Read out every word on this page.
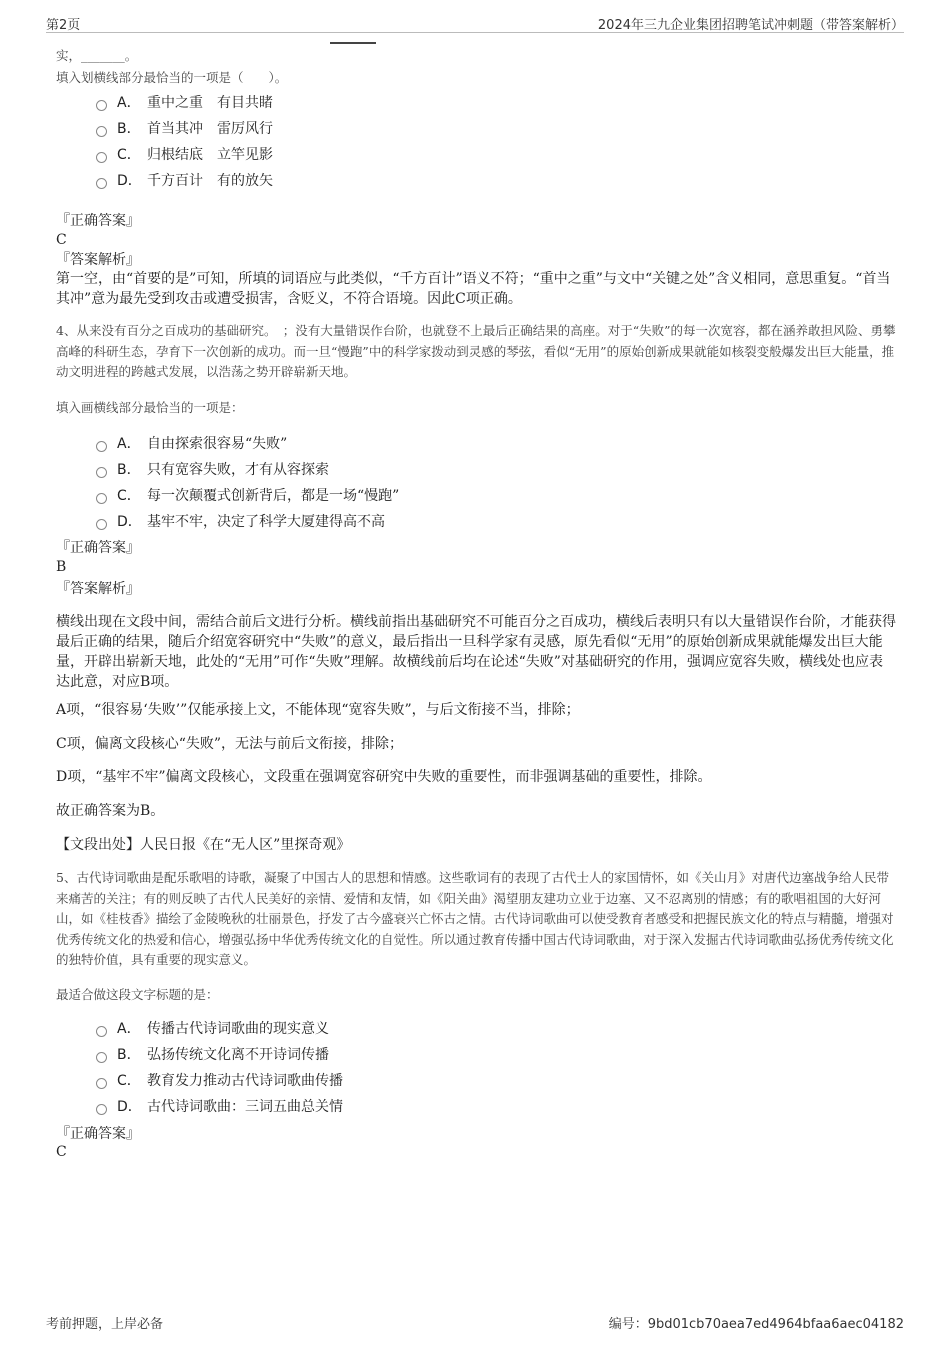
第2页	2024年三九企业集团招聘笔试冲刺题（带答案解析）
实，_______。
填入划横线部分最恰当的一项是（　　）。
A． 重中之重　有目共睹
B． 首当其冲　雷厉风行
C． 归根结底　立竿见影
D． 千方百计　有的放矢
『正确答案』
C
『答案解析』
第一空，由“首要的是”可知，所填的词语应与此类似，“千方百计”语义不符；“重中之重”与文中“关键之处”含义相同，意思重复。“首当其冲”意为最先受到攻击或遭受损害，含贬义，不符合语境。因此C项正确。
4、从来没有百分之百成功的基础研究。　；没有大量错误作台阶，也就登不上最后正确结果的高座。对于“失败”的每一次宽容，都在涵养敢担风险、勇攀高峰的科研生态，孕育下一次创新的成功。而一旦“慢跑”中的科学家拨动到灵感的琴弦，看似“无用”的原始创新成果就能如核裂变般爆发出巨大能量，推动文明进程的跨越式发展，以浩荡之势开辟崭新天地。
填入画横线部分最恰当的一项是：
A． 自由探索很容易“失败”
B． 只有宽容失败，才有从容探索
C． 每一次颠覆式创新背后，都是一场“慢跑”
D． 基牢不牢，决定了科学大厦建得高不高
『正确答案』
B
『答案解析』
横线出现在文段中间，需结合前后文进行分析。横线前指出基础研究不可能百分之百成功，横线后表明只有以大量错误作台阶，才能获得最后正确的结果，随后介绍宽容研究中“失败”的意义，最后指出一旦科学家有灵感，原先看似“无用”的原始创新成果就能爆发出巨大能量，开辟出崭新天地，此处的“无用”可作“失败”理解。故横线前后均在论述“失败”对基础研究的作用，强调应宽容失败，横线处也应表达此意，对应B项。
A项，“很容易‘失败’”仅能承接上文，不能体现“宽容失败”，与后文衔接不当，排除；
C项，偏离文段核心“失败”，无法与前后文衔接，排除；
D项，“基牢不牢”偏离文段核心，文段重在强调宽容研究中失败的重要性，而非强调基础的重要性，排除。
故正确答案为B。
【文段出处】人民日报《在“无人区”里探奇观》
5、古代诗词歌曲是配乐歌唱的诗歌，凝聚了中国古人的思想和情感。这些歌词有的表现了古代士人的家国情怀，如《关山月》对唐代边塞战争给人民带来痛苦的关注；有的则反映了古代人民美好的亲情、爱情和友情，如《阳关曲》渴望朋友建功立业于边塞、又不忍离别的情感；有的歌唱祖国的大好河山，如《桂枝香》描绘了金陵晚秋的壮丽景色，抒发了古今盛衰兴亡怀古之情。古代诗词歌曲可以使受教育者感受和把握民族文化的特点与精髓，增强对优秀传统文化的热爱和信心，增强弘扬中华优秀传统文化的自觉性。所以通过教育传播中国古代诗词歌曲，对于深入发掘古代诗词歌曲弘扬优秀传统文化的独特价值，具有重要的现实意义。
最适合做这段文字标题的是：
A． 传播古代诗词歌曲的现实意义
B． 弘扬传统文化离不开诗词传播
C． 教育发力推动古代诗词歌曲传播
D． 古代诗词歌曲：三词五曲总关情
『正确答案』
C
考前押题，上岸必备	编号：9bd01cb70aea7ed4964bfaa6aec04182
